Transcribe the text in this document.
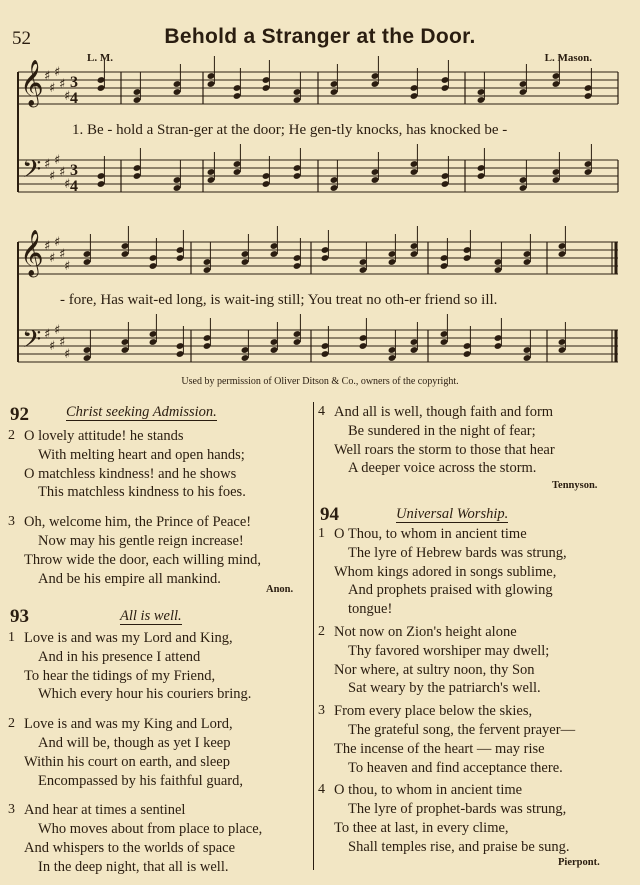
52	Behold a Stranger at the Door.
L. M.	L. Mason.
𝄞
𝄢
♯
♯
♯
♯
♯
♯
♯
♯
♯
♯
3
4
3
4
𝄞
𝄢
♯
♯
♯
♯
♯
♯
♯
♯
♯
♯
1. Be - hold a Stran-ger at the door; He gen-tly knocks, has knocked be -
- fore, Has wait-ed long, is wait-ing still; You treat no oth-er friend so ill.
Used by permission of Oliver Ditson & Co., owners of the copyright.
92	Christ seeking Admission.
2 O lovely attitude! he stands
With melting heart and open hands;
O matchless kindness! and he shows
This matchless kindness to his foes.
3 Oh, welcome him, the Prince of Peace!
Now may his gentle reign increase!
Throw wide the door, each willing mind,
And be his empire all mankind.
Anon.
93	All is well.
1 Love is and was my Lord and King,
And in his presence I attend
To hear the tidings of my Friend,
Which every hour his couriers bring.
2 Love is and was my King and Lord,
And will be, though as yet I keep
Within his court on earth, and sleep
Encompassed by his faithful guard,
3 And hear at times a sentinel
Who moves about from place to place,
And whispers to the worlds of space
In the deep night, that all is well.
4 And all is well, though faith and form
Be sundered in the night of fear;
Well roars the storm to those that hear
A deeper voice across the storm.
Tennyson.
94	Universal Worship.
1 O Thou, to whom in ancient time
The lyre of Hebrew bards was strung,
Whom kings adored in songs sublime,
And prophets praised with glowing
tongue!
2 Not now on Zion's height alone
Thy favored worshiper may dwell;
Nor where, at sultry noon, thy Son
Sat weary by the patriarch's well.
3 From every place below the skies,
The grateful song, the fervent prayer—
The incense of the heart — may rise
To heaven and find acceptance there.
4 O thou, to whom in ancient time
The lyre of prophet-bards was strung,
To thee at last, in every clime,
Shall temples rise, and praise be sung.
Pierpont.
